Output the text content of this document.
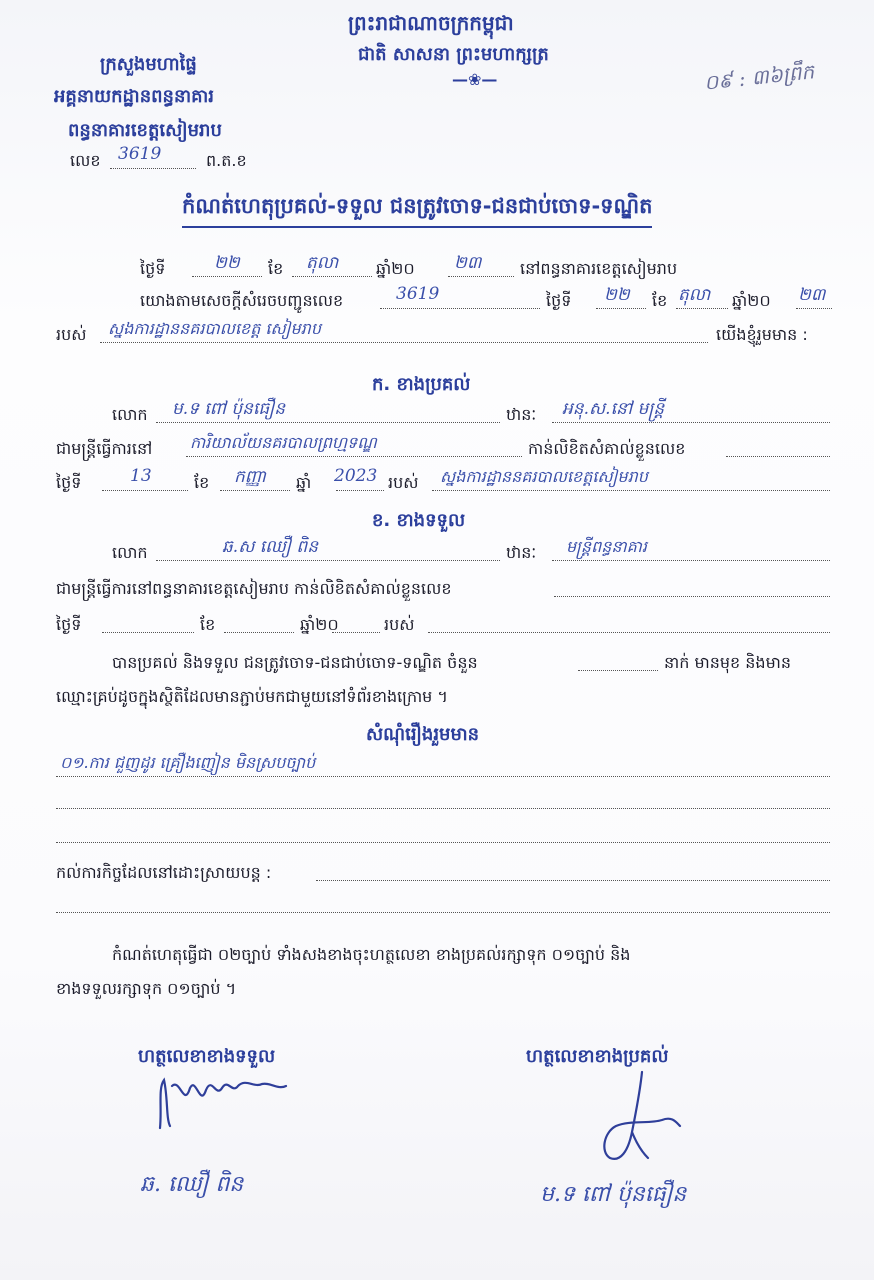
ព្រះរាជាណាចក្រកម្ពុជា
ជាតិ សាសនា ព្រះមហាក្សត្រ
—❀—
ក្រសួងមហាផ្ទៃ
អគ្គនាយកដ្ឋានពន្ធនាគារ
ពន្ធនាគារខេត្តសៀមរាប
លេខ 3619	ព.ត.ខ
០៩ : ៣៦ព្រឹក
កំណត់ហេតុប្រគល់-ទទួល ជនត្រូវចោទ-ជនជាប់ចោទ-ទណ្ឌិត
ថ្ងៃទី	២២ ខែ តុលា ឆ្នាំ២០ ២៣ នៅពន្ធនាគារខេត្តសៀមរាប
យោងតាមសេចក្តីសំរេចបញ្ជូនលេខ	3619	ថ្ងៃទី ២២ ខែ តុលា ឆ្នាំ២០ ២៣
របស់ ស្នងការដ្ឋាននគរបាលខេត្ត សៀមរាប	យើងខ្ញុំរួមមាន :
ក. ខាងប្រគល់
លោក ម.ទ ពៅ ប៉ុនធឿន	ឋានៈ អនុ.ស.នៅ មន្រ្តី
ជាមន្ត្រីធ្វើការនៅ ការិយាល័យនគរបាលព្រហ្មទណ្ឌ	កាន់លិខិតសំគាល់ខ្លួនលេខ
ថ្ងៃទី	13	ខែ កញ្ញា ឆ្នាំ 2023 របស់ ស្នងការដ្ឋាននគរបាលខេត្តសៀមរាប
ខ. ខាងទទួល
លោក	ឆ.ស ឈឿ ពិន	ឋានៈ មន្ត្រីពន្ធនាគារ
ជាមន្ត្រីធ្វើការនៅពន្ធនាគារខេត្តសៀមរាប កាន់លិខិតសំគាល់ខ្លួនលេខ
ថ្ងៃទី	ខែ	ឆ្នាំ២០	របស់
បានប្រគល់ និងទទួល ជនត្រូវចោទ-ជនជាប់ចោទ-ទណ្ឌិត ចំនួន	នាក់ មានមុខ និងមាន
ឈ្មោះគ្រប់ដូចក្នុងស្ថិតិដែលមានភ្ជាប់មកជាមួយនៅទំព័រខាងក្រោម ។
សំណុំរឿងរួមមាន
០១.ការ ជួញដូរ គ្រឿងញៀន មិនស្របច្បាប់
កល់ការកិច្ចដែលនៅដោះស្រាយបន្ត :
កំណត់ហេតុធ្វើជា ០២ច្បាប់ ទាំងសងខាងចុះហត្ថលេខា ខាងប្រគល់រក្សាទុក ០១ច្បាប់ និង
ខាងទទួលរក្សាទុក ០១ច្បាប់ ។
ហត្ថលេខាខាងទទួល	ហត្ថលេខាខាងប្រគល់
ឆ. ឈឿ ពិន	ម.ទ ពៅ ប៉ុនធឿន
